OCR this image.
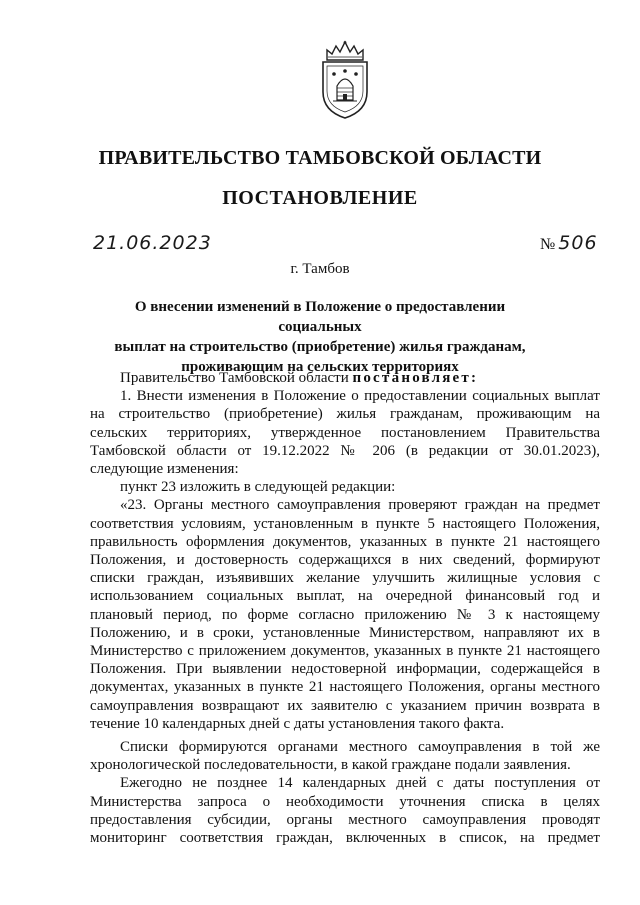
ПРАВИТЕЛЬСТВО ТАМБОВСКОЙ ОБЛАСТИ
ПОСТАНОВЛЕНИЕ
21.06.2023	№ 506
г. Тамбов
О внесении изменений в Положение о предоставлении социальных
выплат на строительство (приобретение) жилья гражданам,
проживающим на сельских территориях

Правительство Тамбовской области постановляет:

1. Внести изменения в Положение о предоставлении социальных выплат на строительство (приобретение) жилья гражданам, проживающим на сельских территориях, утвержденное постановлением Правительства Тамбовской области от 19.12.2022 № 206 (в редакции от 30.01.2023), следующие изменения:

пункт 23 изложить в следующей редакции:

«23. Органы местного самоуправления проверяют граждан на предмет соответствия условиям, установленным в пункте 5 настоящего Положения, правильность оформления документов, указанных в пункте 21 настоящего Положения, и достоверность содержащихся в них сведений, формируют списки граждан, изъявивших желание улучшить жилищные условия с использованием социальных выплат, на очередной финансовый год и плановый период, по форме согласно приложению № 3 к настоящему Положению, и в сроки, установленные Министерством, направляют их в Министерство с приложением документов, указанных в пункте 21 настоящего Положения. При выявлении недостоверной информации, содержащейся в документах, указанных в пункте 21 настоящего Положения, органы местного самоуправления возвращают их заявителю с указанием причин возврата в течение 10 календарных дней с даты установления такого факта.

Списки формируются органами местного самоуправления в той же хронологической последовательности, в какой граждане подали заявления.

Ежегодно не позднее 14 календарных дней с даты поступления от Министерства запроса о необходимости уточнения списка в целях предоставления субсидии, органы местного самоуправления проводят мониторинг соответствия граждан, включенных в список, на предмет
